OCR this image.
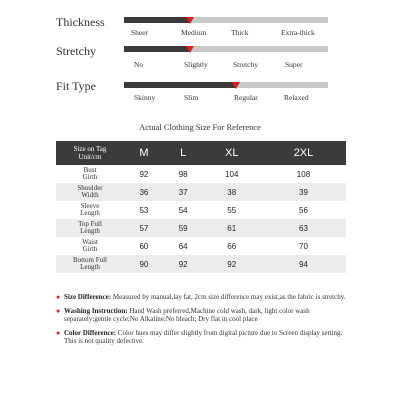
Thickness
Sheer	Medium	Thick	Extra-thick
Stretchy
No	Slightly	Stretchy	Super
Fit Type
Skinny	Slim	Regular	Relaxed
Actual Clothing Size For Reference
Size on Tag
Unit/cm	M	L	XL	2XL
Bust
Girth	92	98	104	108
Shoulder
Width	36	37	38	39
Sleeve
Length	53	54	55	56
Top Full
Length	57	59	61	63
Waist
Girth	60	64	66	70
Bottom Full
Length	90	92	92	94
● Size Difference: Measured by manual,lay fat, 2cm size difference may exist,as the fabric is stretchy.
● Washing Instruction: Hand Wash preferred,Machine cold wash, dark, light color wash separately;gentle cycle;No Alkaline;No bleach; Dry flat in cool place
● Color Difference: Color hues may differ slightly from digital picture due to Screen display setting. This is not quality defective.
